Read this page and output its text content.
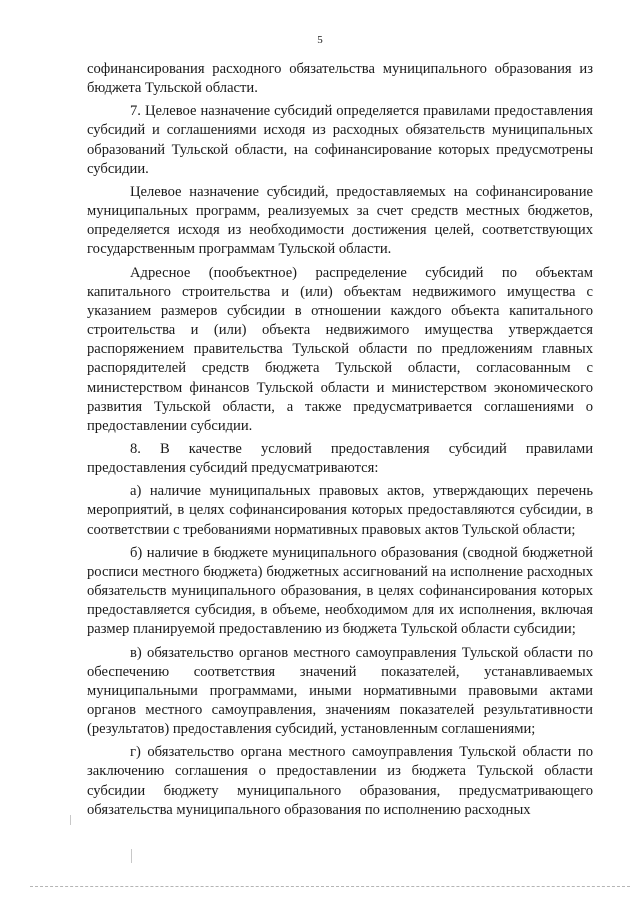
5

софинансирования расходного обязательства муниципального образования из бюджета Тульской области.

7. Целевое назначение субсидий определяется правилами предоставления субсидий и соглашениями исходя из расходных обязательств муниципальных образований Тульской области, на софинансирование которых предусмотрены субсидии.

Целевое назначение субсидий, предоставляемых на софинансирование муниципальных программ, реализуемых за счет средств местных бюджетов, определяется исходя из необходимости достижения целей, соответствующих государственным программам Тульской области.

Адресное (пообъектное) распределение субсидий по объектам капитального строительства и (или) объектам недвижимого имущества с указанием размеров субсидии в отношении каждого объекта капитального строительства и (или) объекта недвижимого имущества утверждается распоряжением правительства Тульской области по предложениям главных распорядителей средств бюджета Тульской области, согласованным с министерством финансов Тульской области и министерством экономического развития Тульской области, а также предусматривается соглашениями о предоставлении субсидии.

8. В качестве условий предоставления субсидий правилами предоставления субсидий предусматриваются:

а) наличие муниципальных правовых актов, утверждающих перечень мероприятий, в целях софинансирования которых предоставляются субсидии, в соответствии с требованиями нормативных правовых актов Тульской области;

б) наличие в бюджете муниципального образования (сводной бюджетной росписи местного бюджета) бюджетных ассигнований на исполнение расходных обязательств муниципального образования, в целях софинансирования которых предоставляется субсидия, в объеме, необходимом для их исполнения, включая размер планируемой предоставлению из бюджета Тульской области субсидии;

в) обязательство органов местного самоуправления Тульской области по обеспечению соответствия значений показателей, устанавливаемых муниципальными программами, иными нормативными правовыми актами органов местного самоуправления, значениям показателей результативности (результатов) предоставления субсидий, установленным соглашениями;

г) обязательство органа местного самоуправления Тульской области по заключению соглашения о предоставлении из бюджета Тульской области субсидии бюджету муниципального образования, предусматривающего обязательства муниципального образования по исполнению расходных
